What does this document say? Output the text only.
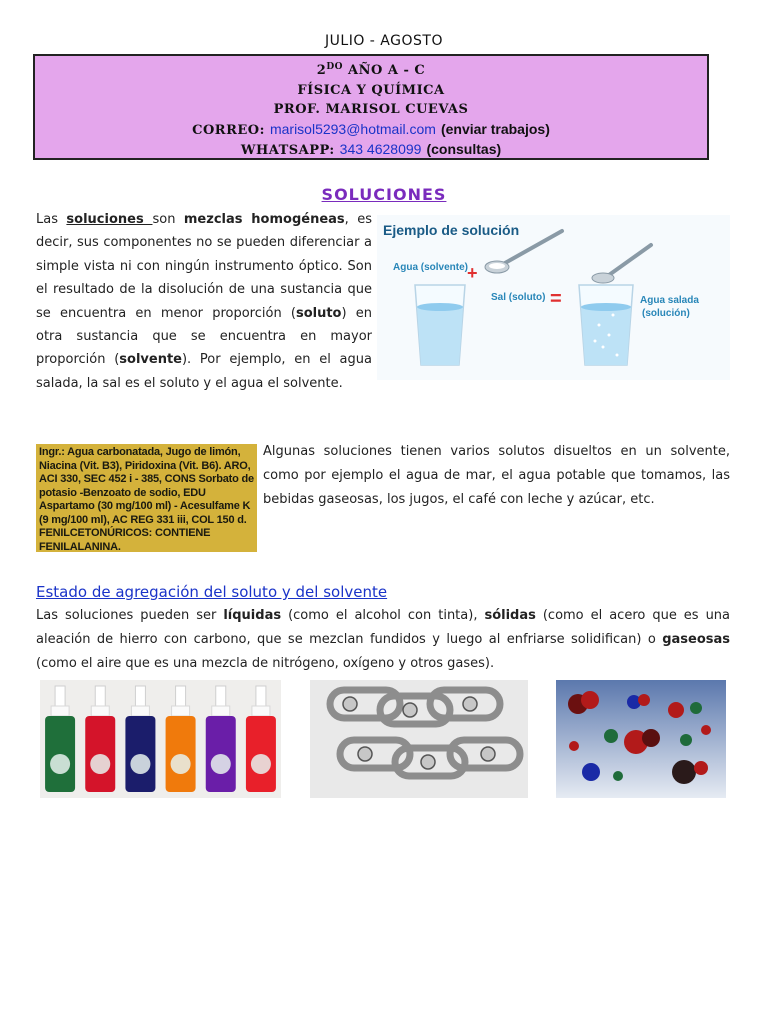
JULIO - AGOSTO
$2^{DO}$ AÑO A - C
FÍSICA Y QUÍMICA
PROF. MARISOL CUEVAS
CORREO: marisol5293@hotmail.com (enviar trabajos)
WHATSAPP: 343 4628099 (consultas)
SOLUCIONES
Las soluciones son mezclas homogéneas, es decir, sus componentes no se pueden diferenciar a simple vista ni con ningún instrumento óptico. Son el resultado de la disolución de una sustancia que se encuentra en menor proporción (soluto) en otra sustancia que se encuentra en mayor proporción (solvente). Por ejemplo, en el agua salada, la sal es el soluto y el agua el solvente.
Ejemplo de solución
Agua (solvente)
+
Sal (soluto) =	Agua salada
(solución)
Ingr.: Agua carbonatada, Jugo de limón, Niacina (Vit. B3), Piridoxina (Vit. B6). ARO, ACI 330, SEC 452 i - 385, CONS Sorbato de potasio -Benzoato de sodio, EDU Aspartamo (30 mg/100 ml) - Acesulfame K (9 mg/100 ml), AC REG 331 iii, COL 150 d. FENILCETONÚRICOS: CONTIENE FENILALANINA.
Algunas soluciones tienen varios solutos disueltos en un solvente, como por ejemplo el agua de mar, el agua potable que tomamos, las bebidas gaseosas, los jugos, el café con leche y azúcar, etc.
Estado de agregación del soluto y del solvente
Las soluciones pueden ser líquidas (como el alcohol con tinta), sólidas (como el acero que es una aleación de hierro con carbono, que se mezclan fundidos y luego al enfriarse solidifican) o gaseosas (como el aire que es una mezcla de nitrógeno, oxígeno y otros gases).
